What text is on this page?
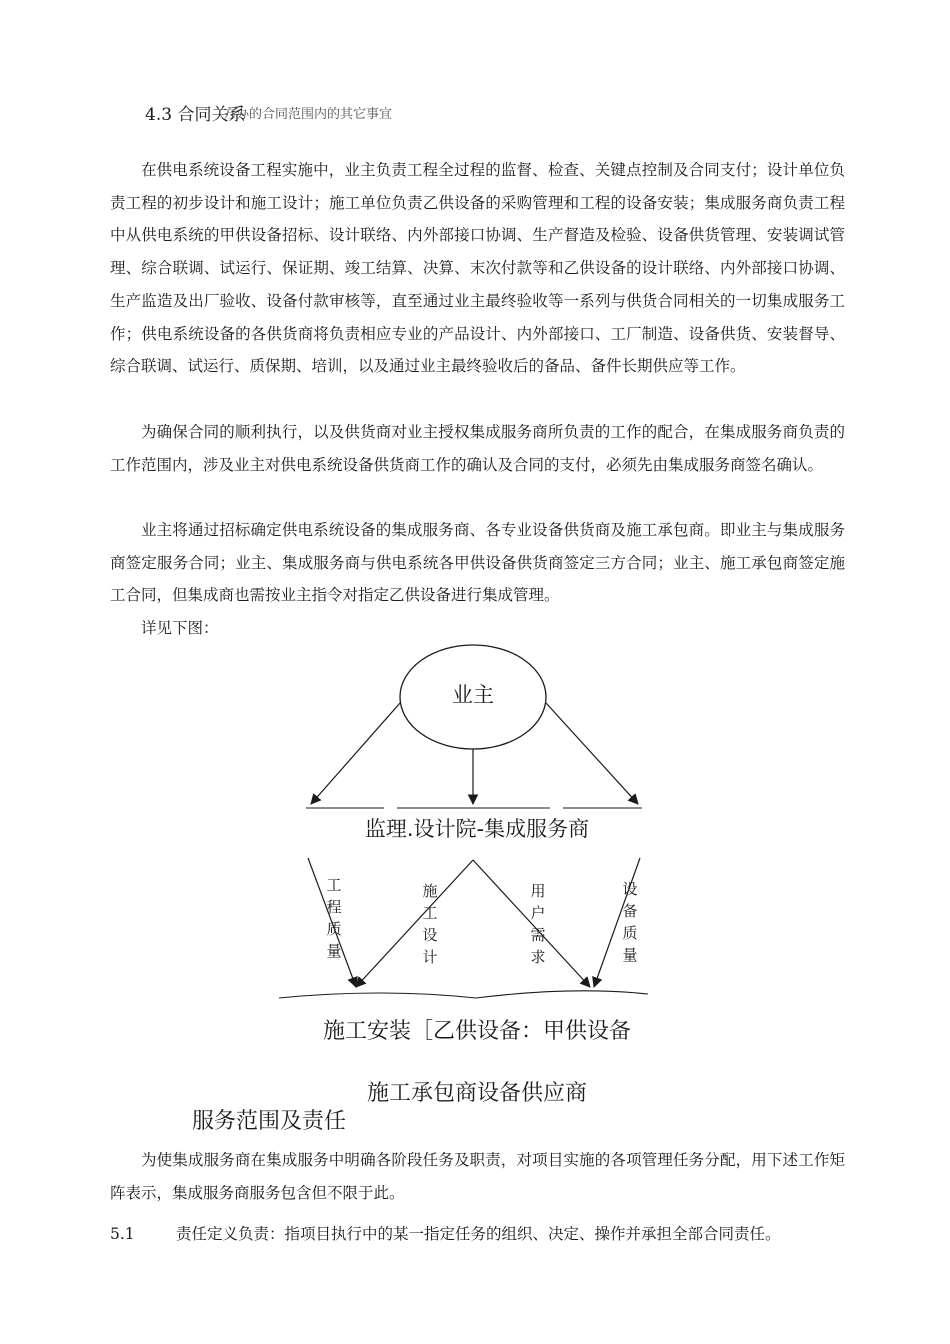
4.3 合同关系
方办的合同范围内的其它事宜

在供电系统设备工程实施中，业主负责工程全过程的监督、检查、关键点控制及合同支付；设计单位负责工程的初步设计和施工设计；施工单位负责乙供设备的采购管理和工程的设备安装；集成服务商负责工程中从供电系统的甲供设备招标、设计联络、内外部接口协调、生产督造及检验、设备供货管理、安装调试管理、综合联调、试运行、保证期、竣工结算、决算、末次付款等和乙供设备的设计联络、内外部接口协调、生产监造及出厂验收、设备付款审核等，直至通过业主最终验收等一系列与供货合同相关的一切集成服务工作；供电系统设备的各供货商将负责相应专业的产品设计、内外部接口、工厂制造、设备供货、安装督导、综合联调、试运行、质保期、培训，以及通过业主最终验收后的备品、备件长期供应等工作。

为确保合同的顺利执行，以及供货商对业主授权集成服务商所负责的工作的配合，在集成服务商负责的工作范围内，涉及业主对供电系统设备供货商工作的确认及合同的支付，必须先由集成服务商签名确认。

业主将通过招标确定供电系统设备的集成服务商、各专业设备供货商及施工承包商。即业主与集成服务商签定服务合同；业主、集成服务商与供电系统各甲供设备供货商签定三方合同；业主、施工承包商签定施工合同，但集成商也需按业主指令对指定乙供设备进行集成管理。

详见下图：

业主
监理.设计院-集成服务商
工
程
质
量
施
工
设
计
用
户
需
求
设
备
质
量
施工安装［乙供设备：甲供设备
施工承包商设备供应商
服务范围及责任

为使集成服务商在集成服务中明确各阶段任务及职责，对项目实施的各项管理任务分配，用下述工作矩阵表示，集成服务商服务包含但不限于此。

5.1	责任定义负责：指项目执行中的某一指定任务的组织、决定、操作并承担全部合同责任。
